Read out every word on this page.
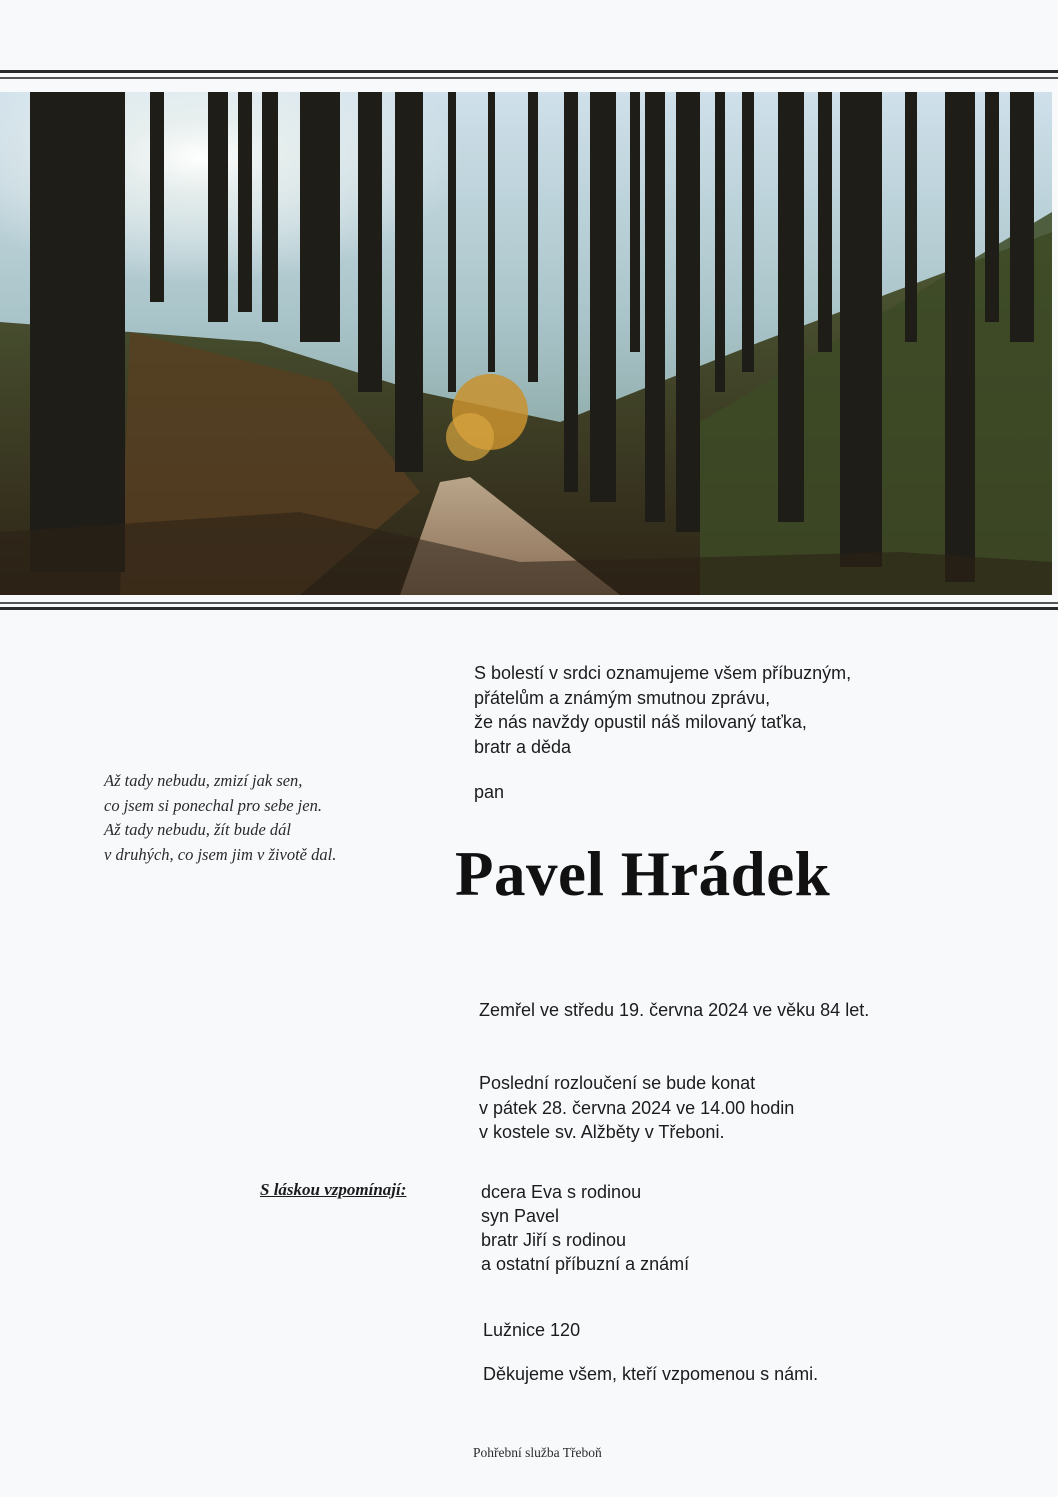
S bolestí v srdci oznamujeme všem příbuzným,
přátelům a známým smutnou zprávu,
že nás navždy opustil náš milovaný taťka,
bratr a děda
pan
Až tady nebudu, zmizí jak sen,
co jsem si ponechal pro sebe jen.
Až tady nebudu, žít bude dál
v druhých, co jsem jim v životě dal.	Pavel Hrádek
Zemřel ve středu 19. června 2024 ve věku 84 let.
Poslední rozloučení se bude konat
v pátek 28. června 2024 ve 14.00 hodin
v kostele sv. Alžběty v Třeboni.
S láskou vzpomínají:	dcera Eva s rodinou
syn Pavel
bratr Jiří s rodinou
a ostatní příbuzní a známí
Lužnice 120
Děkujeme všem, kteří vzpomenou s námi.
Pohřební služba Třeboň
